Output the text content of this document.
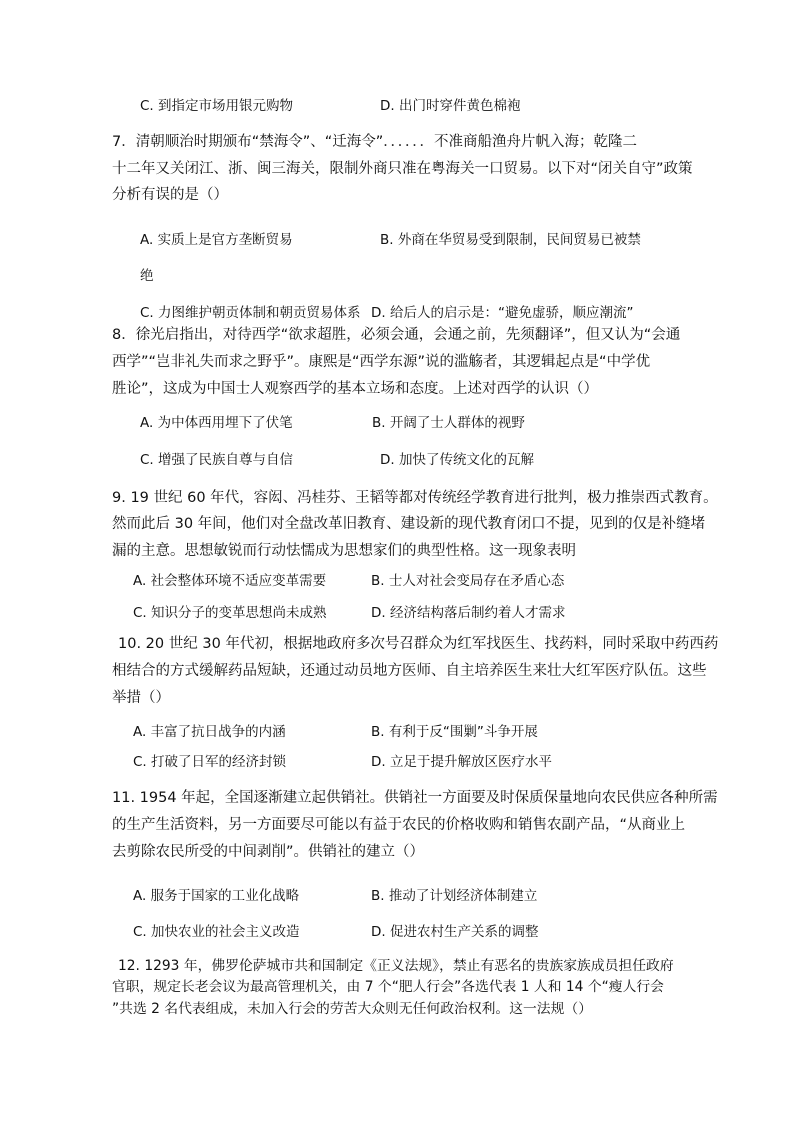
C. 到指定市场用银元购物	D. 出门时穿件黄色棉袍
7．清朝顺治时期颁布“禁海令”、“迁海令”．．．．．．不准商船渔舟片帆入海；乾隆二
十二年又关闭江、浙、闽三海关，限制外商只准在粤海关一口贸易。以下对“闭关自守”政策
分析有误的是（）
A. 实质上是官方垄断贸易	B. 外商在华贸易受到限制，民间贸易已被禁
绝
C. 力图维护朝贡体制和朝贡贸易体系 D. 给后人的启示是：“避免虚骄，顺应潮流”
8．徐光启指出，对待西学“欲求超胜，必须会通，会通之前，先须翻译”，但又认为“会通
西学”“岂非礼失而求之野乎”。康熙是“西学东源”说的滥觞者，其逻辑起点是“中学优
胜论”，这成为中国士人观察西学的基本立场和态度。上述对西学的认识（）
A. 为中体西用埋下了伏笔	B. 开阔了士人群体的视野
C. 增强了民族自尊与自信	D. 加快了传统文化的瓦解
9. 19 世纪 60 年代，容闳、冯桂芬、王韬等都对传统经学教育进行批判，极力推崇西式教育。
然而此后 30 年间，他们对全盘改革旧教育、建设新的现代教育闭口不提，见到的仅是补缝堵
漏的主意。思想敏锐而行动怯懦成为思想家们的典型性格。这一现象表明
A. 社会整体环境不适应变革需要	B. 士人对社会变局存在矛盾心态
C. 知识分子的变革思想尚未成熟	D. 经济结构落后制约着人才需求
10. 20 世纪 30 年代初，根据地政府多次号召群众为红军找医生、找药料，同时采取中药西药
相结合的方式缓解药品短缺，还通过动员地方医师、自主培养医生来壮大红军医疗队伍。这些
举措（）
A. 丰富了抗日战争的内涵	B. 有利于反“围剿”斗争开展
C. 打破了日军的经济封锁	D. 立足于提升解放区医疗水平
11. 1954 年起，全国逐渐建立起供销社。供销社一方面要及时保质保量地向农民供应各种所需
的生产生活资料，另一方面要尽可能以有益于农民的价格收购和销售农副产品，“从商业上
去剪除农民所受的中间剥削”。供销社的建立（）
A. 服务于国家的工业化战略	B. 推动了计划经济体制建立
C. 加快农业的社会主义改造	D. 促进农村生产关系的调整
12. 1293 年，佛罗伦萨城市共和国制定《正义法规》，禁止有恶名的贵族家族成员担任政府
官职，规定长老会议为最高管理机关，由 7 个“肥人行会”各选代表 1 人和 14 个“瘦人行会
”共选 2 名代表组成，未加入行会的劳苦大众则无任何政治权利。这一法规（）
